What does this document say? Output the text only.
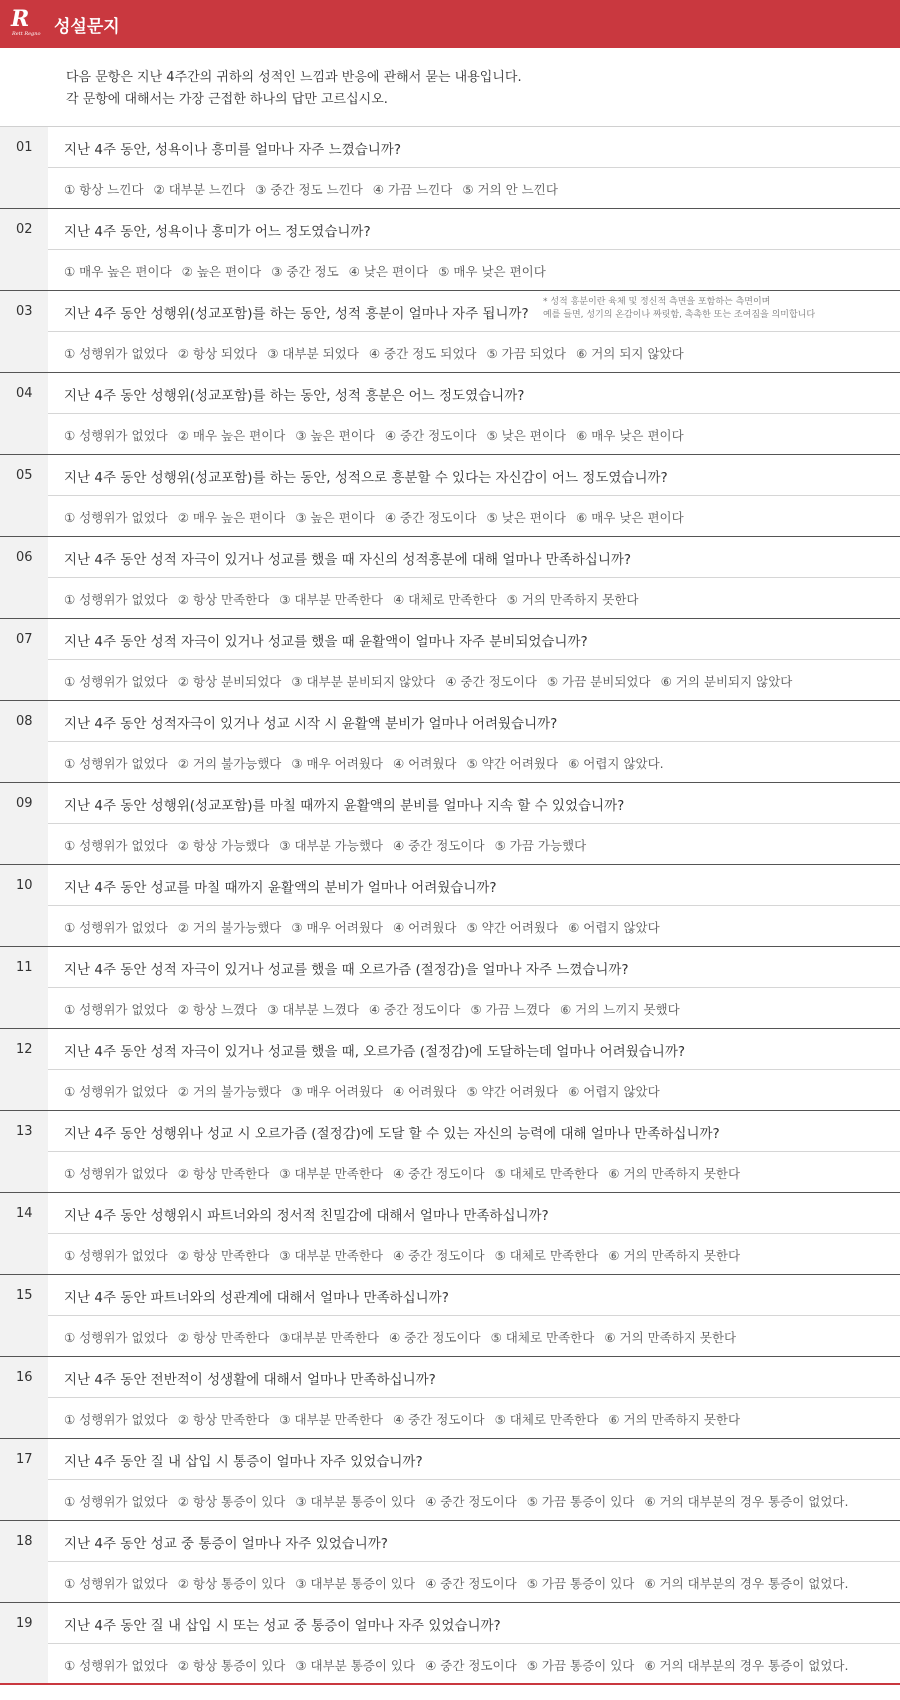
R
Rett Regno 성설문지
다음 문항은 지난 4주간의 귀하의 성적인 느낌과 반응에 관해서 묻는 내용입니다.
각 문항에 대해서는 가장 근접한 하나의 답만 고르십시오.
01	지난 4주 동안, 성욕이나 흥미를 얼마나 자주 느꼈습니까?
① 항상 느낀다 ② 대부분 느낀다 ③ 중간 정도 느낀다 ④ 가끔 느낀다 ⑤ 거의 안 느낀다
02	지난 4주 동안, 성욕이나 흥미가 어느 정도였습니까?
① 매우 높은 편이다 ② 높은 편이다 ③ 중간 정도 ④ 낮은 편이다 ⑤ 매우 낮은 편이다
03	지난 4주 동안 성행위(성교포함)를 하는 동안, 성적 흥분이 얼마나 자주 됩니까?
* 성적 흥분이란 육체 및 정신적 측면을 포함하는 측면이며
예를 들면, 성기의 온감이나 짜릿함, 촉촉한 또는 조여짐을 의미합니다
① 성행위가 없었다 ② 항상 되었다 ③ 대부분 되었다 ④ 중간 정도 되었다 ⑤ 가끔 되었다 ⑥ 거의 되지 않았다
04	지난 4주 동안 성행위(성교포함)를 하는 동안, 성적 흥분은 어느 정도였습니까?
① 성행위가 없었다 ② 매우 높은 편이다 ③ 높은 편이다 ④ 중간 정도이다 ⑤ 낮은 편이다 ⑥ 매우 낮은 편이다
05	지난 4주 동안 성행위(성교포함)를 하는 동안, 성적으로 흥분할 수 있다는 자신감이 어느 정도였습니까?
① 성행위가 없었다 ② 매우 높은 편이다 ③ 높은 편이다 ④ 중간 정도이다 ⑤ 낮은 편이다 ⑥ 매우 낮은 편이다
06	지난 4주 동안 성적 자극이 있거나 성교를 했을 때 자신의 성적흥분에 대해 얼마나 만족하십니까?
① 성행위가 없었다 ② 항상 만족한다 ③ 대부분 만족한다 ④ 대체로 만족한다 ⑤ 거의 만족하지 못한다
07	지난 4주 동안 성적 자극이 있거나 성교를 했을 때 윤활액이 얼마나 자주 분비되었습니까?
① 성행위가 없었다 ② 항상 분비되었다 ③ 대부분 분비되지 않았다 ④ 중간 정도이다 ⑤ 가끔 분비되었다 ⑥ 거의 분비되지 않았다
08	지난 4주 동안 성적자극이 있거나 성교 시작 시 윤활액 분비가 얼마나 어려웠습니까?
① 성행위가 없었다 ② 거의 불가능했다 ③ 매우 어려웠다 ④ 어려웠다 ⑤ 약간 어려웠다 ⑥ 어렵지 않았다.
09	지난 4주 동안 성행위(성교포함)를 마칠 때까지 윤활액의 분비를 얼마나 지속 할 수 있었습니까?
① 성행위가 없었다 ② 항상 가능했다 ③ 대부분 가능했다 ④ 중간 정도이다 ⑤ 가끔 가능했다
10	지난 4주 동안 성교를 마칠 때까지 윤활액의 분비가 얼마나 어려웠습니까?
① 성행위가 없었다 ② 거의 불가능했다 ③ 매우 어려웠다 ④ 어려웠다 ⑤ 약간 어려웠다 ⑥ 어렵지 않았다
11	지난 4주 동안 성적 자극이 있거나 성교를 했을 때 오르가즘 (절정감)을 얼마나 자주 느꼈습니까?
① 성행위가 없었다 ② 항상 느꼈다 ③ 대부분 느꼈다 ④ 중간 정도이다 ⑤ 가끔 느꼈다 ⑥ 거의 느끼지 못했다
12	지난 4주 동안 성적 자극이 있거나 성교를 했을 때, 오르가즘 (절정감)에 도달하는데 얼마나 어려웠습니까?
① 성행위가 없었다 ② 거의 불가능했다 ③ 매우 어려웠다 ④ 어려웠다 ⑤ 약간 어려웠다 ⑥ 어렵지 않았다
13	지난 4주 동안 성행위나 성교 시 오르가즘 (절정감)에 도달 할 수 있는 자신의 능력에 대해 얼마나 만족하십니까?
① 성행위가 없었다 ② 항상 만족한다 ③ 대부분 만족한다 ④ 중간 정도이다 ⑤ 대체로 만족한다 ⑥ 거의 만족하지 못한다
14	지난 4주 동안 성행위시 파트너와의 정서적 친밀감에 대해서 얼마나 만족하십니까?
① 성행위가 없었다 ② 항상 만족한다 ③ 대부분 만족한다 ④ 중간 정도이다 ⑤ 대체로 만족한다 ⑥ 거의 만족하지 못한다
15	지난 4주 동안 파트너와의 성관계에 대해서 얼마나 만족하십니까?
① 성행위가 없었다 ② 항상 만족한다 ③대부분 만족한다 ④ 중간 정도이다 ⑤ 대체로 만족한다 ⑥ 거의 만족하지 못한다
16	지난 4주 동안 전반적이 성생활에 대해서 얼마나 만족하십니까?
① 성행위가 없었다 ② 항상 만족한다 ③ 대부분 만족한다 ④ 중간 정도이다 ⑤ 대체로 만족한다 ⑥ 거의 만족하지 못한다
17	지난 4주 동안 질 내 삽입 시 통증이 얼마나 자주 있었습니까?
① 성행위가 없었다 ② 항상 통증이 있다 ③ 대부분 통증이 있다 ④ 중간 정도이다 ⑤ 가끔 통증이 있다 ⑥ 거의 대부분의 경우 통증이 없었다.
18	지난 4주 동안 성교 중 통증이 얼마나 자주 있었습니까?
① 성행위가 없었다 ② 항상 통증이 있다 ③ 대부분 통증이 있다 ④ 중간 정도이다 ⑤ 가끔 통증이 있다 ⑥ 거의 대부분의 경우 통증이 없었다.
19	지난 4주 동안 질 내 삽입 시 또는 성교 중 통증이 얼마나 자주 있었습니까?
① 성행위가 없었다 ② 항상 통증이 있다 ③ 대부분 통증이 있다 ④ 중간 정도이다 ⑤ 가끔 통증이 있다 ⑥ 거의 대부분의 경우 통증이 없었다.
